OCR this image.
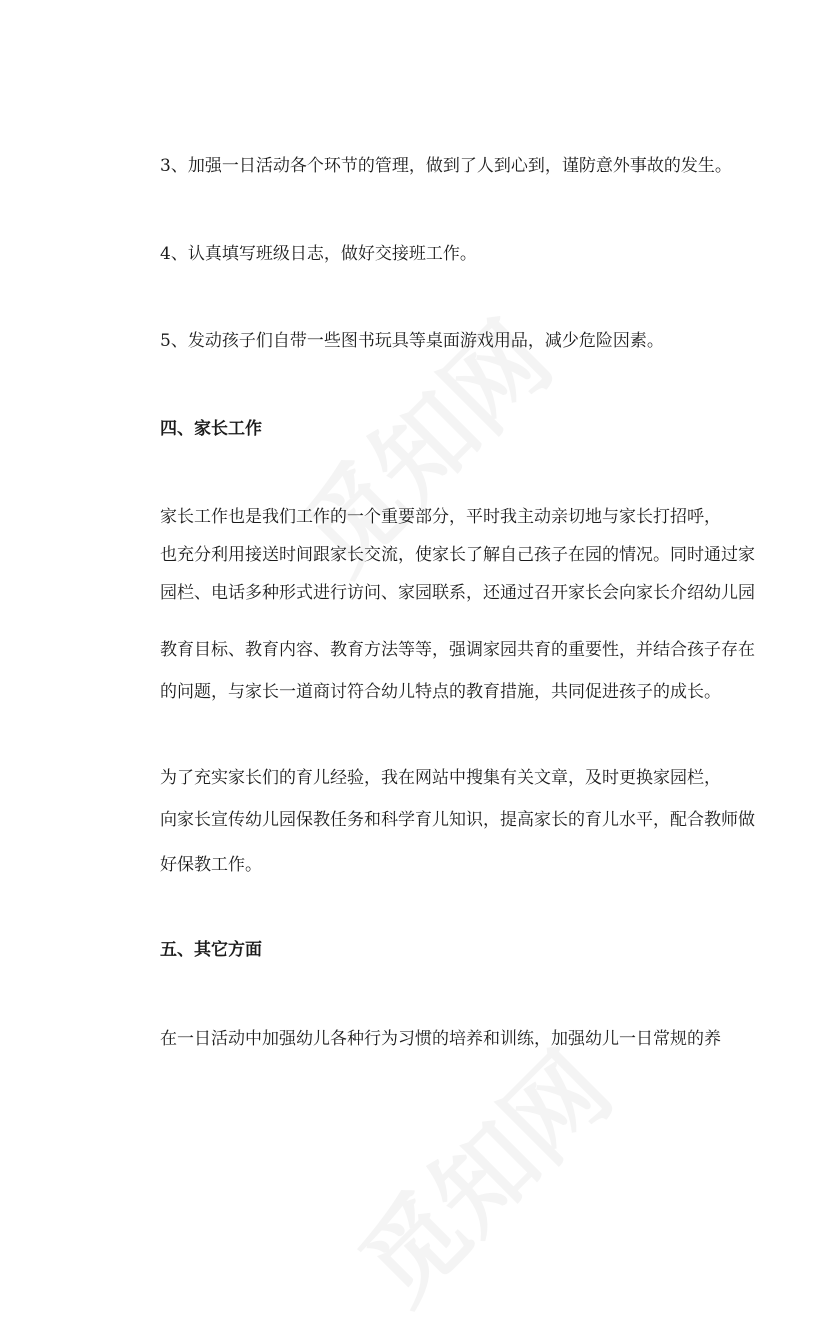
3、加强一日活动各个环节的管理，做到了人到心到，谨防意外事故的发生。
4、认真填写班级日志，做好交接班工作。
5、发动孩子们自带一些图书玩具等桌面游戏用品，减少危险因素。
四、家长工作
家长工作也是我们工作的一个重要部分，平时我主动亲切地与家长打招呼，
也充分利用接送时间跟家长交流，使家长了解自己孩子在园的情况。同时通过家
园栏、电话多种形式进行访问、家园联系，还通过召开家长会向家长介绍幼儿园
教育目标、教育内容、教育方法等等，强调家园共育的重要性，并结合孩子存在
的问题，与家长一道商讨符合幼儿特点的教育措施，共同促进孩子的成长。
为了充实家长们的育儿经验，我在网站中搜集有关文章，及时更换家园栏，
向家长宣传幼儿园保教任务和科学育儿知识，提高家长的育儿水平，配合教师做
好保教工作。
五、其它方面
在一日活动中加强幼儿各种行为习惯的培养和训练，加强幼儿一日常规的养
